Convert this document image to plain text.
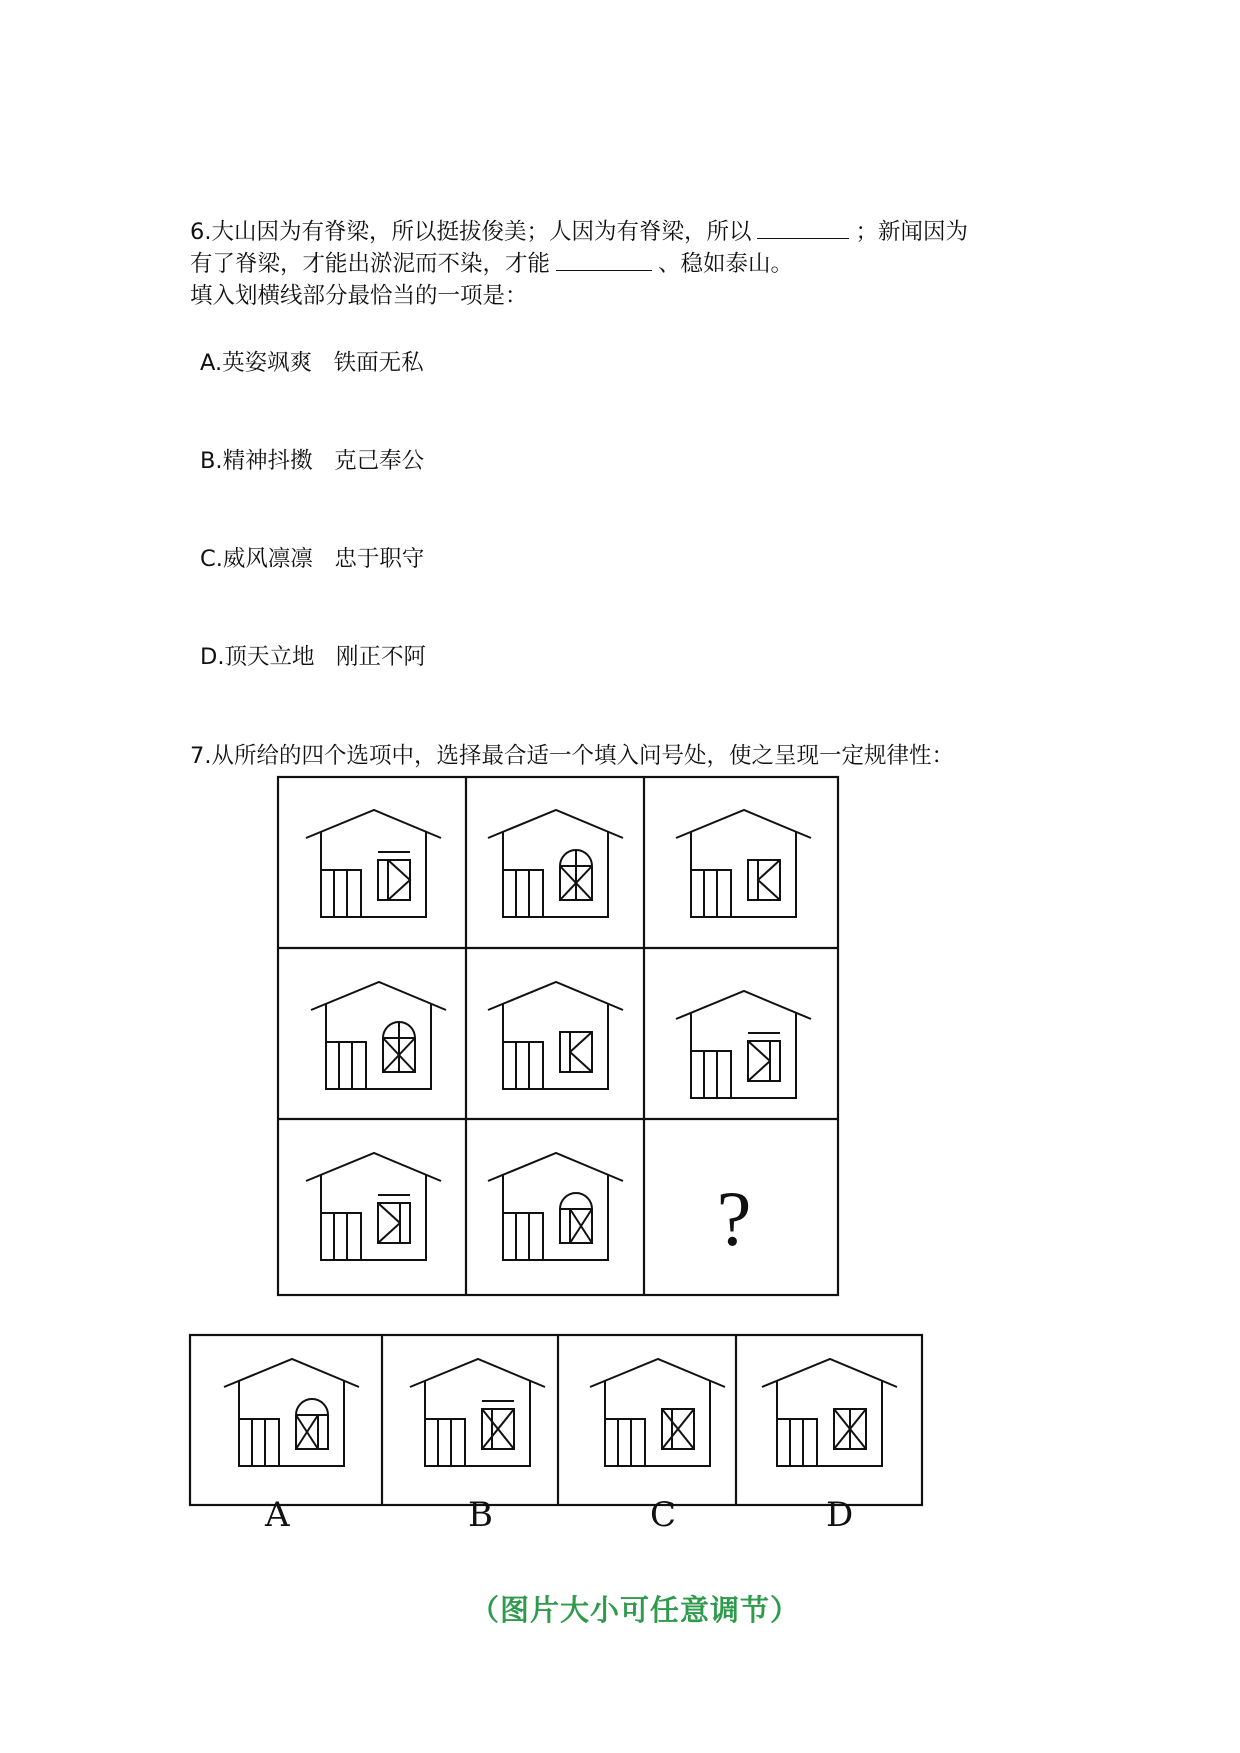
6.大山因为有脊梁，所以挺拔俊美；人因为有脊梁，所以	；新闻因为
有了脊梁，才能出淤泥而不染，才能	、稳如泰山。
填入划横线部分最恰当的一项是：
A.英姿飒爽 铁面无私
B.精神抖擞 克己奉公
C.威风凛凛 忠于职守
D.顶天立地 刚正不阿
7.从所给的四个选项中，选择最合适一个填入问号处，使之呈现一定规律性：
?
A	B	C	D
（图片大小可任意调节）
